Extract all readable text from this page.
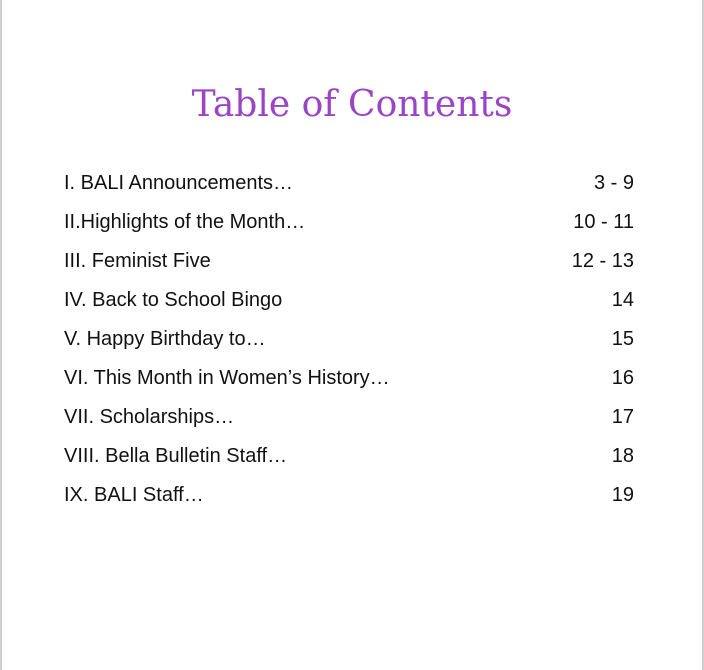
Table of Contents
I. BALI Announcements…	3 - 9
II.Highlights of the Month…	10 - 11
III. Feminist Five	12 - 13
IV. Back to School Bingo	14
V. Happy Birthday to…	15
VI. This Month in Women’s History…	16
VII. Scholarships…	17
VIII. Bella Bulletin Staff…	18
IX. BALI Staff…	19
